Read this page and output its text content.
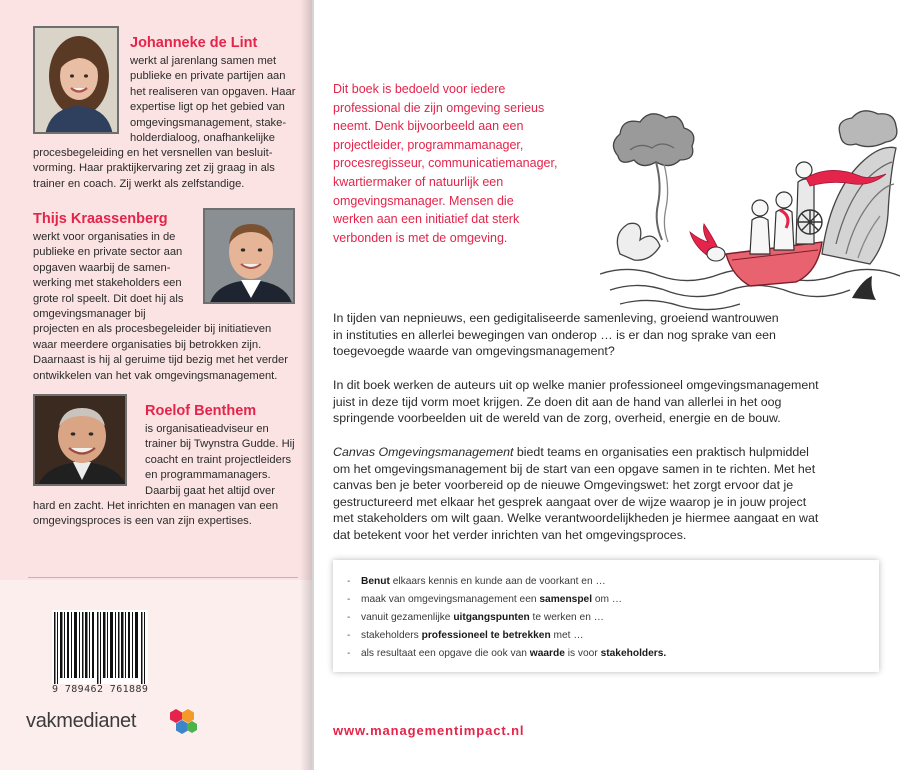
Johanneke de Lint
werkt al jarenlang samen met
publieke en private partijen aan
het realiseren van opgaven. Haar
expertise ligt op het gebied van
omgevingsmanagement, stake-
holderdialoog, onafhankelijke
procesbegeleiding en het versnellen van besluit-
vorming. Haar praktijkervaring zet zij graag in als
trainer en coach. Zij werkt als zelfstandige.
Thijs Kraassenberg
werkt voor organisaties in de
publieke en private sector aan
opgaven waarbij de samen-
werking met stakeholders een
grote rol speelt. Dit doet hij als
omgevingsmanager bij
projecten en als procesbegeleider bij initiatieven
waar meerdere organisaties bij betrokken zijn.
Daarnaast is hij al geruime tijd bezig met het verder
ontwikkelen van het vak omgevingsmanagement.
Roelof Benthem
is organisatieadviseur en
trainer bij Twynstra Gudde. Hij
coacht en traint projectleiders
en programmamanagers.
Daarbij gaat het altijd over
hard en zacht. Het inrichten en managen van een
omgevingsproces is een van zijn expertises.
9 789462 761889
vakmedianet
Dit boek is bedoeld voor iedere
professional die zijn omgeving serieus
neemt. Denk bijvoorbeeld aan een
projectleider, programmamanager,
procesregisseur, communicatiemanager,
kwartiermaker of natuurlijk een
omgevingsmanager. Mensen die
werken aan een initiatief dat sterk
verbonden is met de omgeving.
In tijden van nepnieuws, een gedigitaliseerde samenleving, groeiend wantrouwen
in instituties en allerlei bewegingen van onderop … is er dan nog sprake van een
toegevoegde waarde van omgevingsmanagement?
In dit boek werken de auteurs uit op welke manier professioneel omgevingsmanagement
juist in deze tijd vorm moet krijgen. Ze doen dit aan de hand van allerlei in het oog
springende voorbeelden uit de wereld van de zorg, overheid, energie en de bouw.
Canvas Omgevingsmanagement biedt teams en organisaties een praktisch hulpmiddel
om het omgevingsmanagement bij de start van een opgave samen in te richten. Met het
canvas ben je beter voorbereid op de nieuwe Omgevingswet: het zorgt ervoor dat je
gestructureerd met elkaar het gesprek aangaat over de wijze waarop je in jouw project
met stakeholders om wilt gaan. Welke verantwoordelijkheden je hiermee aangaat en wat
dat betekent voor het verder inrichten van het omgevingsproces.
- Benut elkaars kennis en kunde aan de voorkant en …
- maak van omgevingsmanagement een samenspel om …
- vanuit gezamenlijke uitgangspunten te werken en …
- stakeholders professioneel te betrekken met …
- als resultaat een opgave die ook van waarde is voor stakeholders.
www.managementimpact.nl
